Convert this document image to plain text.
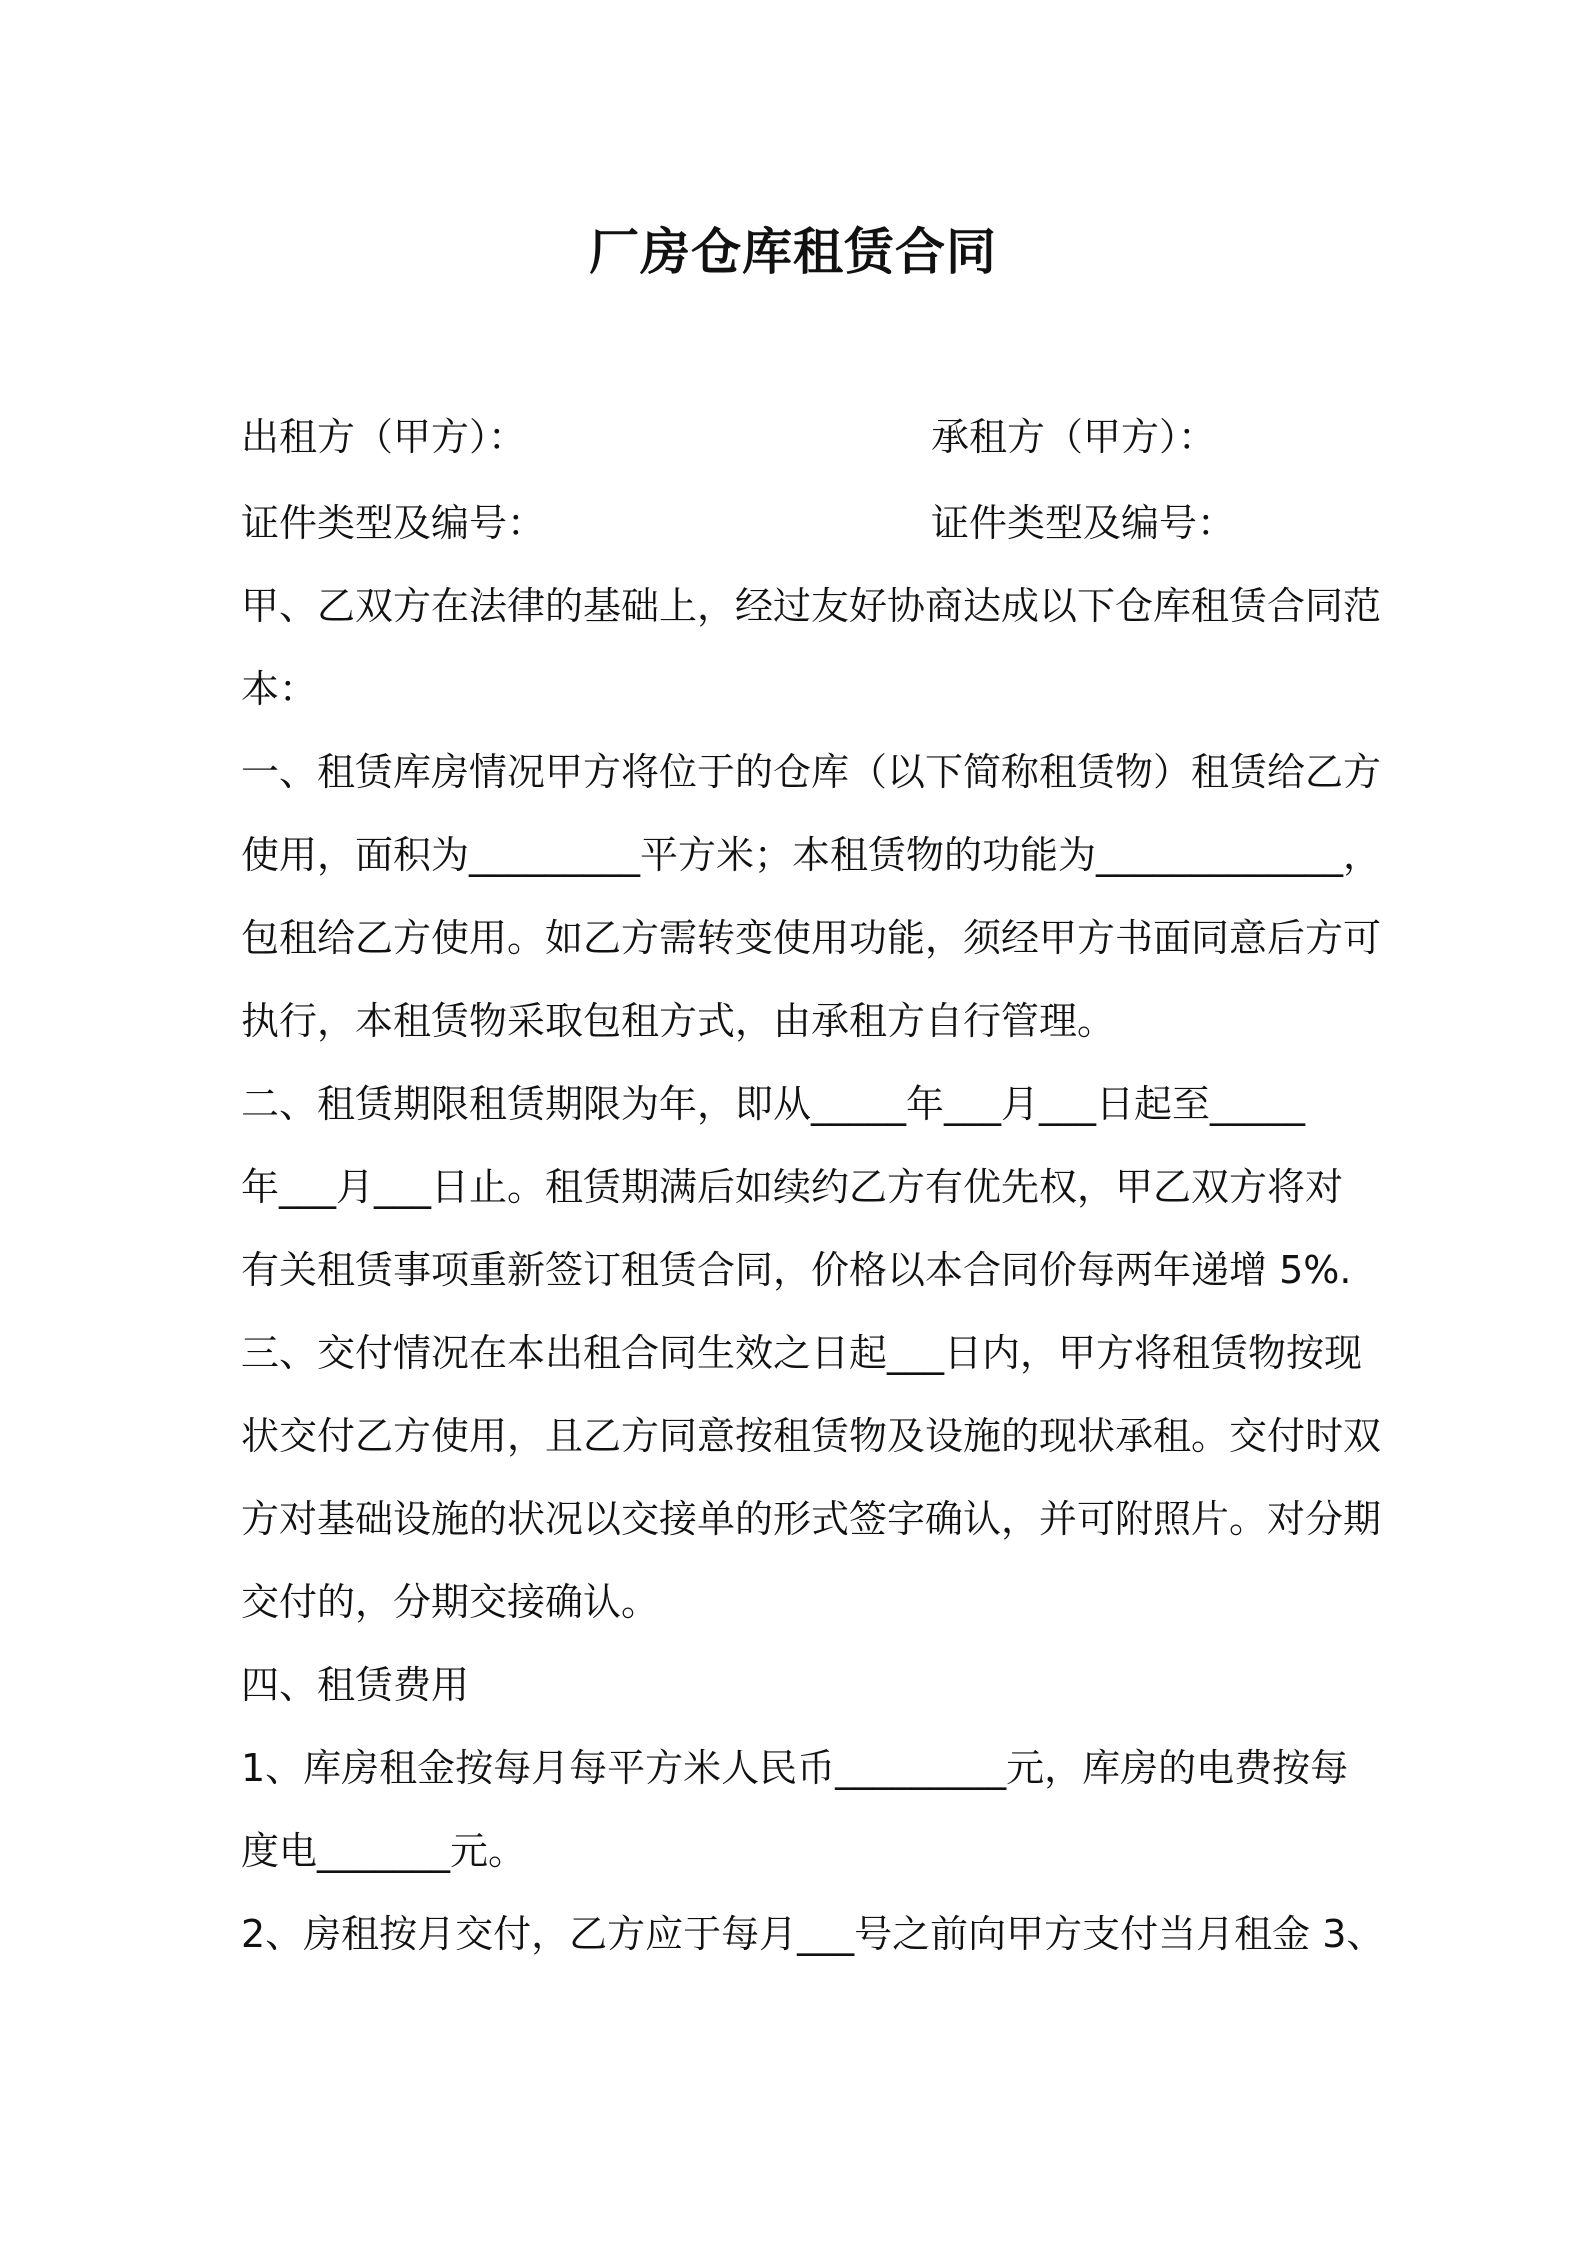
厂房仓库租赁合同
出租方（甲方）：	承租方（甲方）：
证件类型及编号：	证件类型及编号：
甲、乙双方在法律的基础上，经过友好协商达成以下仓库租赁合同范
本：
一、租赁库房情况甲方将位于的仓库（以下简称租赁物）租赁给乙方
使用，面积为_________平方米；本租赁物的功能为_____________，
包租给乙方使用。如乙方需转变使用功能，须经甲方书面同意后方可
执行，本租赁物采取包租方式，由承租方自行管理。
二、租赁期限租赁期限为年，即从_____年___月___日起至_____
年___月___日止。租赁期满后如续约乙方有优先权，甲乙双方将对
有关租赁事项重新签订租赁合同，价格以本合同价每两年递增 5%.
三、交付情况在本出租合同生效之日起___日内，甲方将租赁物按现
状交付乙方使用，且乙方同意按租赁物及设施的现状承租。交付时双
方对基础设施的状况以交接单的形式签字确认，并可附照片。对分期
交付的，分期交接确认。
四、租赁费用
1、库房租金按每月每平方米人民币_________元，库房的电费按每
度电_______元。
2、房租按月交付，乙方应于每月___号之前向甲方支付当月租金 3、
